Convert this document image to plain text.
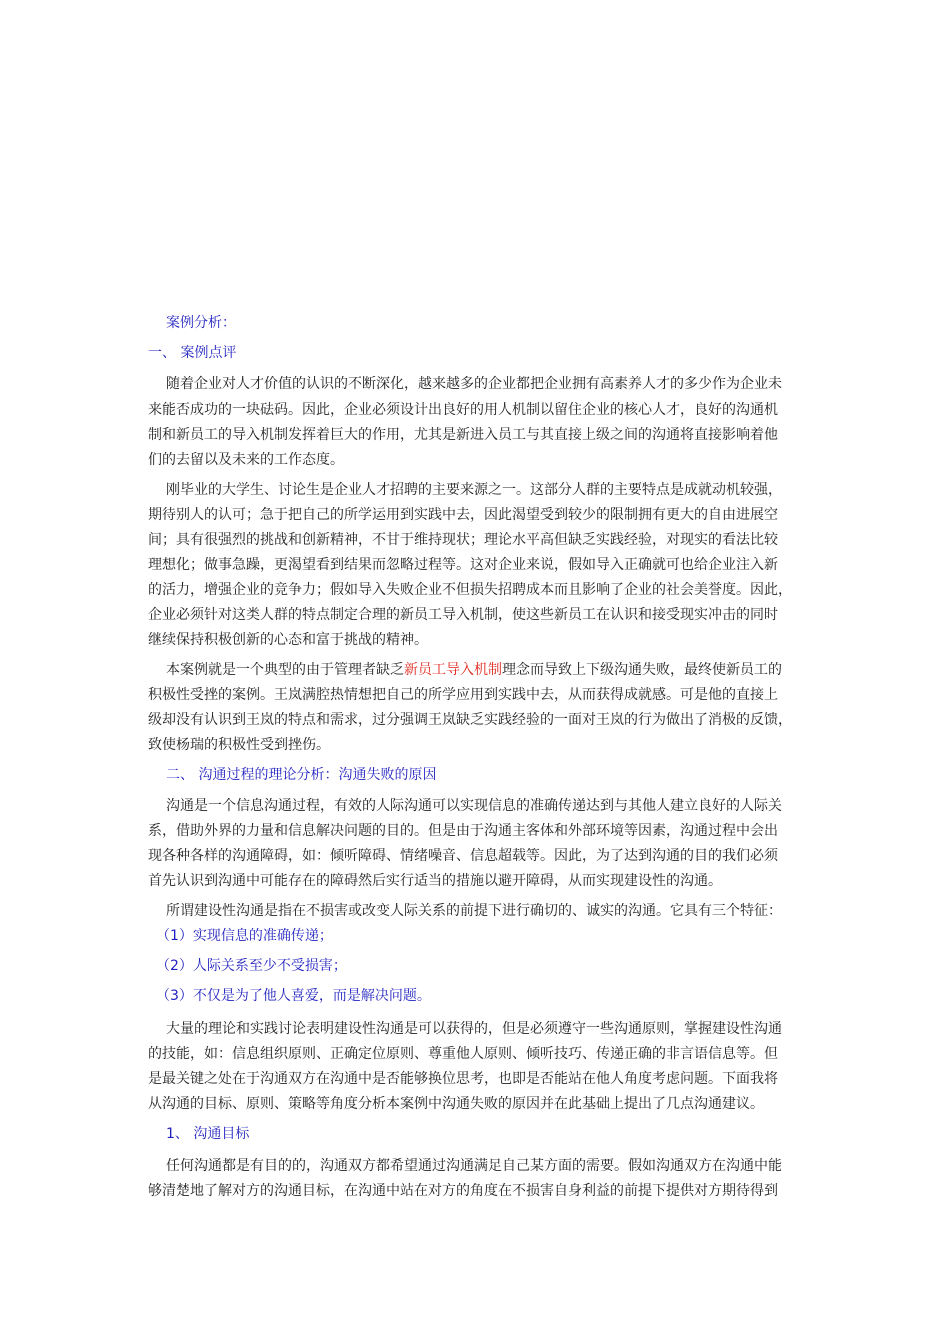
案例分析：

一、 案例点评

随着企业对人才价值的认识的不断深化，越来越多的企业都把企业拥有高素养人才的多少作为企业未

来能否成功的一块砝码。因此，企业必须设计出良好的用人机制以留住企业的核心人才，良好的沟通机

制和新员工的导入机制发挥着巨大的作用，尤其是新进入员工与其直接上级之间的沟通将直接影响着他

们的去留以及未来的工作态度。

刚毕业的大学生、讨论生是企业人才招聘的主要来源之一。这部分人群的主要特点是成就动机较强，

期待别人的认可；急于把自己的所学运用到实践中去，因此渴望受到较少的限制拥有更大的自由进展空

间；具有很强烈的挑战和创新精神，不甘于维持现状；理论水平高但缺乏实践经验，对现实的看法比较

理想化；做事急躁，更渴望看到结果而忽略过程等。这对企业来说，假如导入正确就可也给企业注入新

的活力，增强企业的竞争力；假如导入失败企业不但损失招聘成本而且影响了企业的社会美誉度。因此，

企业必须针对这类人群的特点制定合理的新员工导入机制，使这些新员工在认识和接受现实冲击的同时

继续保持积极创新的心态和富于挑战的精神。

本案例就是一个典型的由于管理者缺乏新员工导入机制理念而导致上下级沟通失败，最终使新员工的

积极性受挫的案例。王岚满腔热情想把自己的所学应用到实践中去，从而获得成就感。可是他的直接上

级却没有认识到王岚的特点和需求，过分强调王岚缺乏实践经验的一面对王岚的行为做出了消极的反馈，

致使杨瑞的积极性受到挫伤。

二、 沟通过程的理论分析：沟通失败的原因

沟通是一个信息沟通过程，有效的人际沟通可以实现信息的准确传递达到与其他人建立良好的人际关

系，借助外界的力量和信息解决问题的目的。但是由于沟通主客体和外部环境等因素，沟通过程中会出

现各种各样的沟通障碍，如：倾听障碍、情绪噪音、信息超载等。因此，为了达到沟通的目的我们必须

首先认识到沟通中可能存在的障碍然后实行适当的措施以避开障碍，从而实现建设性的沟通。

所谓建设性沟通是指在不损害或改变人际关系的前提下进行确切的、诚实的沟通。它具有三个特征：

（1）实现信息的准确传递；

（2）人际关系至少不受损害；

（3）不仅是为了他人喜爱，而是解决问题。

大量的理论和实践讨论表明建设性沟通是可以获得的，但是必须遵守一些沟通原则，掌握建设性沟通

的技能，如：信息组织原则、正确定位原则、尊重他人原则、倾听技巧、传递正确的非言语信息等。但

是最关键之处在于沟通双方在沟通中是否能够换位思考，也即是否能站在他人角度考虑问题。下面我将

从沟通的目标、原则、策略等角度分析本案例中沟通失败的原因并在此基础上提出了几点沟通建议。

1、 沟通目标

任何沟通都是有目的的，沟通双方都希望通过沟通满足自己某方面的需要。假如沟通双方在沟通中能

够清楚地了解对方的沟通目标，在沟通中站在对方的角度在不损害自身利益的前提下提供对方期待得到
